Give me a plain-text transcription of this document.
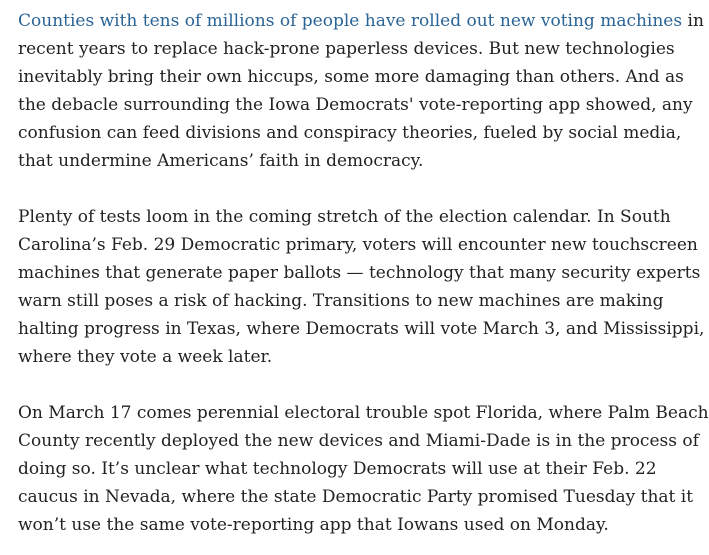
Counties with tens of millions of people have rolled out new voting machines in
recent years to replace hack-prone paperless devices. But new technologies
inevitably bring their own hiccups, some more damaging than others. And as
the debacle surrounding the Iowa Democrats' vote-reporting app showed, any
confusion can feed divisions and conspiracy theories, fueled by social media,
that undermine Americans’ faith in democracy.

Plenty of tests loom in the coming stretch of the election calendar. In South
Carolina’s Feb. 29 Democratic primary, voters will encounter new touchscreen
machines that generate paper ballots — technology that many security experts
warn still poses a risk of hacking. Transitions to new machines are making
halting progress in Texas, where Democrats will vote March 3, and Mississippi,
where they vote a week later.

On March 17 comes perennial electoral trouble spot Florida, where Palm Beach
County recently deployed the new devices and Miami-Dade is in the process of
doing so. It’s unclear what technology Democrats will use at their Feb. 22
caucus in Nevada, where the state Democratic Party promised Tuesday that it
won’t use the same vote-reporting app that Iowans used on Monday.
